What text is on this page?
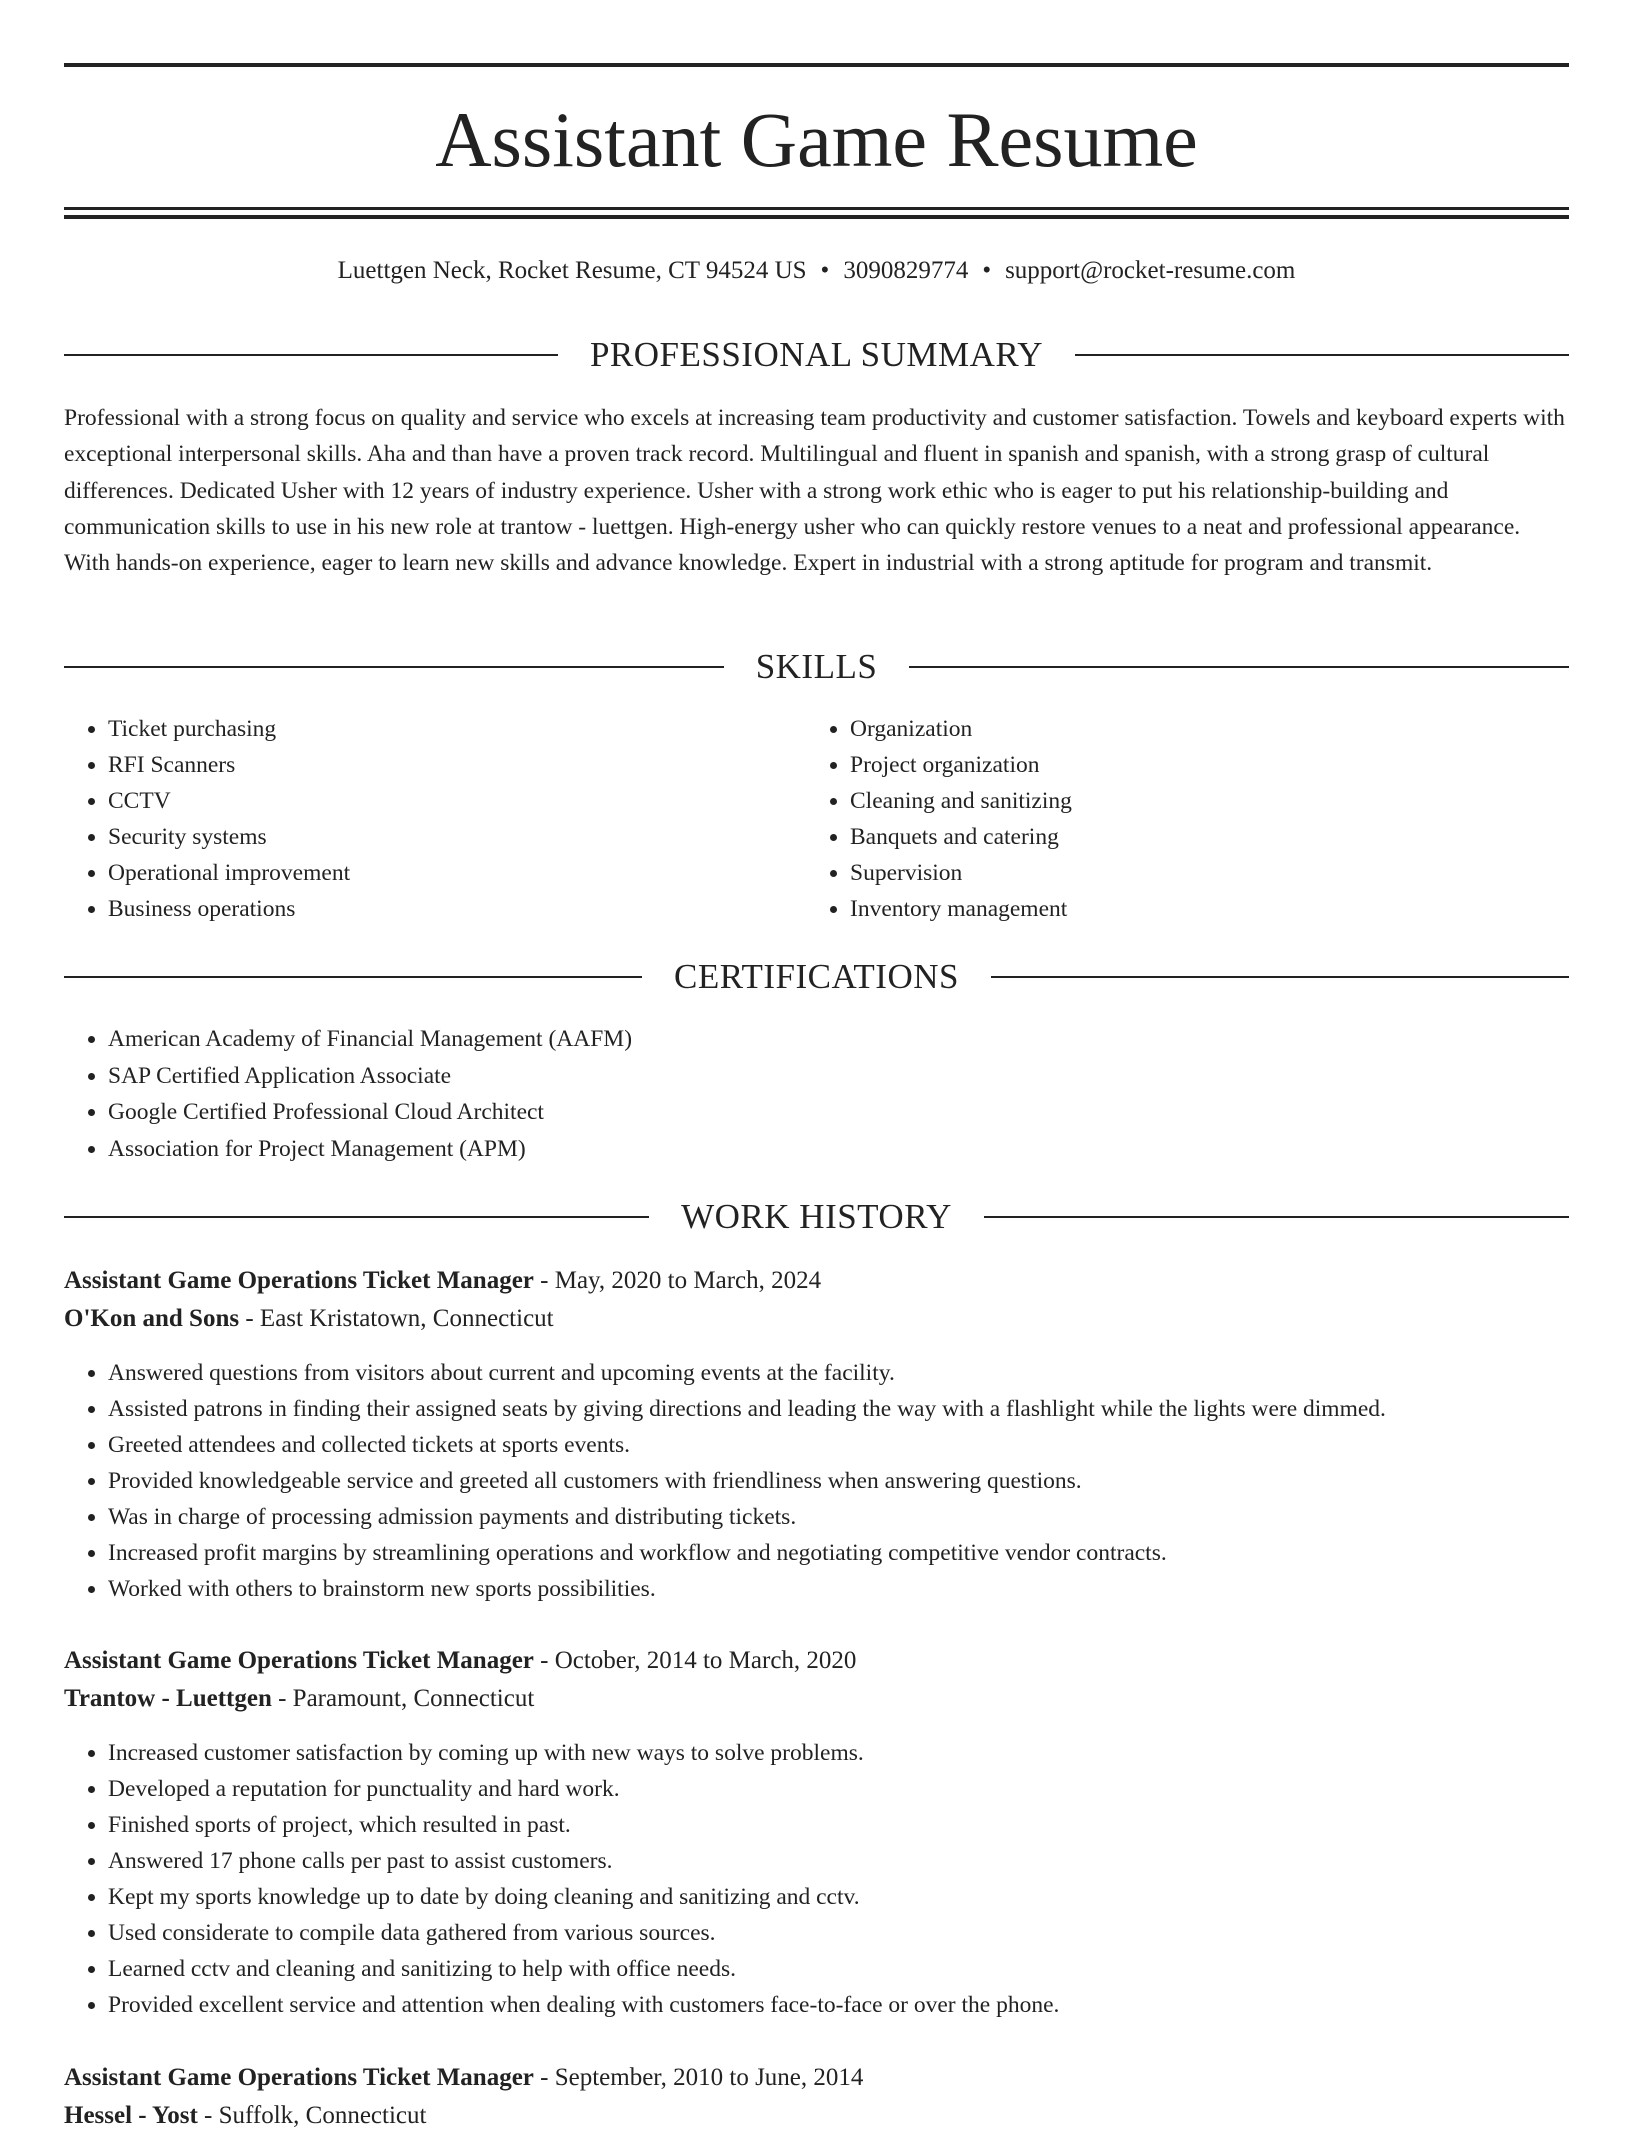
Assistant Game Resume
Luettgen Neck, Rocket Resume, CT 94524 US • 3090829774 • support@rocket-resume.com
PROFESSIONAL SUMMARY

Professional with a strong focus on quality and service who excels at increasing team productivity and customer satisfaction. Towels and keyboard experts with exceptional interpersonal skills. Aha and than have a proven track record. Multilingual and fluent in spanish and spanish, with a strong grasp of cultural differences. Dedicated Usher with 12 years of industry experience. Usher with a strong work ethic who is eager to put his relationship-building and communication skills to use in his new role at trantow - luettgen. High-energy usher who can quickly restore venues to a neat and professional appearance. With hands-on experience, eager to learn new skills and advance knowledge. Expert in industrial with a strong aptitude for program and transmit.

SKILLS
• Ticket purchasing
• RFI Scanners
• CCTV
• Security systems
• Operational improvement
• Business operations
• Organization
• Project organization
• Cleaning and sanitizing
• Banquets and catering
• Supervision
• Inventory management
CERTIFICATIONS
• American Academy of Financial Management (AAFM)
• SAP Certified Application Associate
• Google Certified Professional Cloud Architect
• Association for Project Management (APM)
WORK HISTORY
Assistant Game Operations Ticket Manager - May, 2020 to March, 2024
O'Kon and Sons - East Kristatown, Connecticut
• Answered questions from visitors about current and upcoming events at the facility.
• Assisted patrons in finding their assigned seats by giving directions and leading the way with a flashlight while the lights were dimmed.
• Greeted attendees and collected tickets at sports events.
• Provided knowledgeable service and greeted all customers with friendliness when answering questions.
• Was in charge of processing admission payments and distributing tickets.
• Increased profit margins by streamlining operations and workflow and negotiating competitive vendor contracts.
• Worked with others to brainstorm new sports possibilities.
Assistant Game Operations Ticket Manager - October, 2014 to March, 2020
Trantow - Luettgen - Paramount, Connecticut
• Increased customer satisfaction by coming up with new ways to solve problems.
• Developed a reputation for punctuality and hard work.
• Finished sports of project, which resulted in past.
• Answered 17 phone calls per past to assist customers.
• Kept my sports knowledge up to date by doing cleaning and sanitizing and cctv.
• Used considerate to compile data gathered from various sources.
• Learned cctv and cleaning and sanitizing to help with office needs.
• Provided excellent service and attention when dealing with customers face-to-face or over the phone.
Assistant Game Operations Ticket Manager - September, 2010 to June, 2014
Hessel - Yost - Suffolk, Connecticut
